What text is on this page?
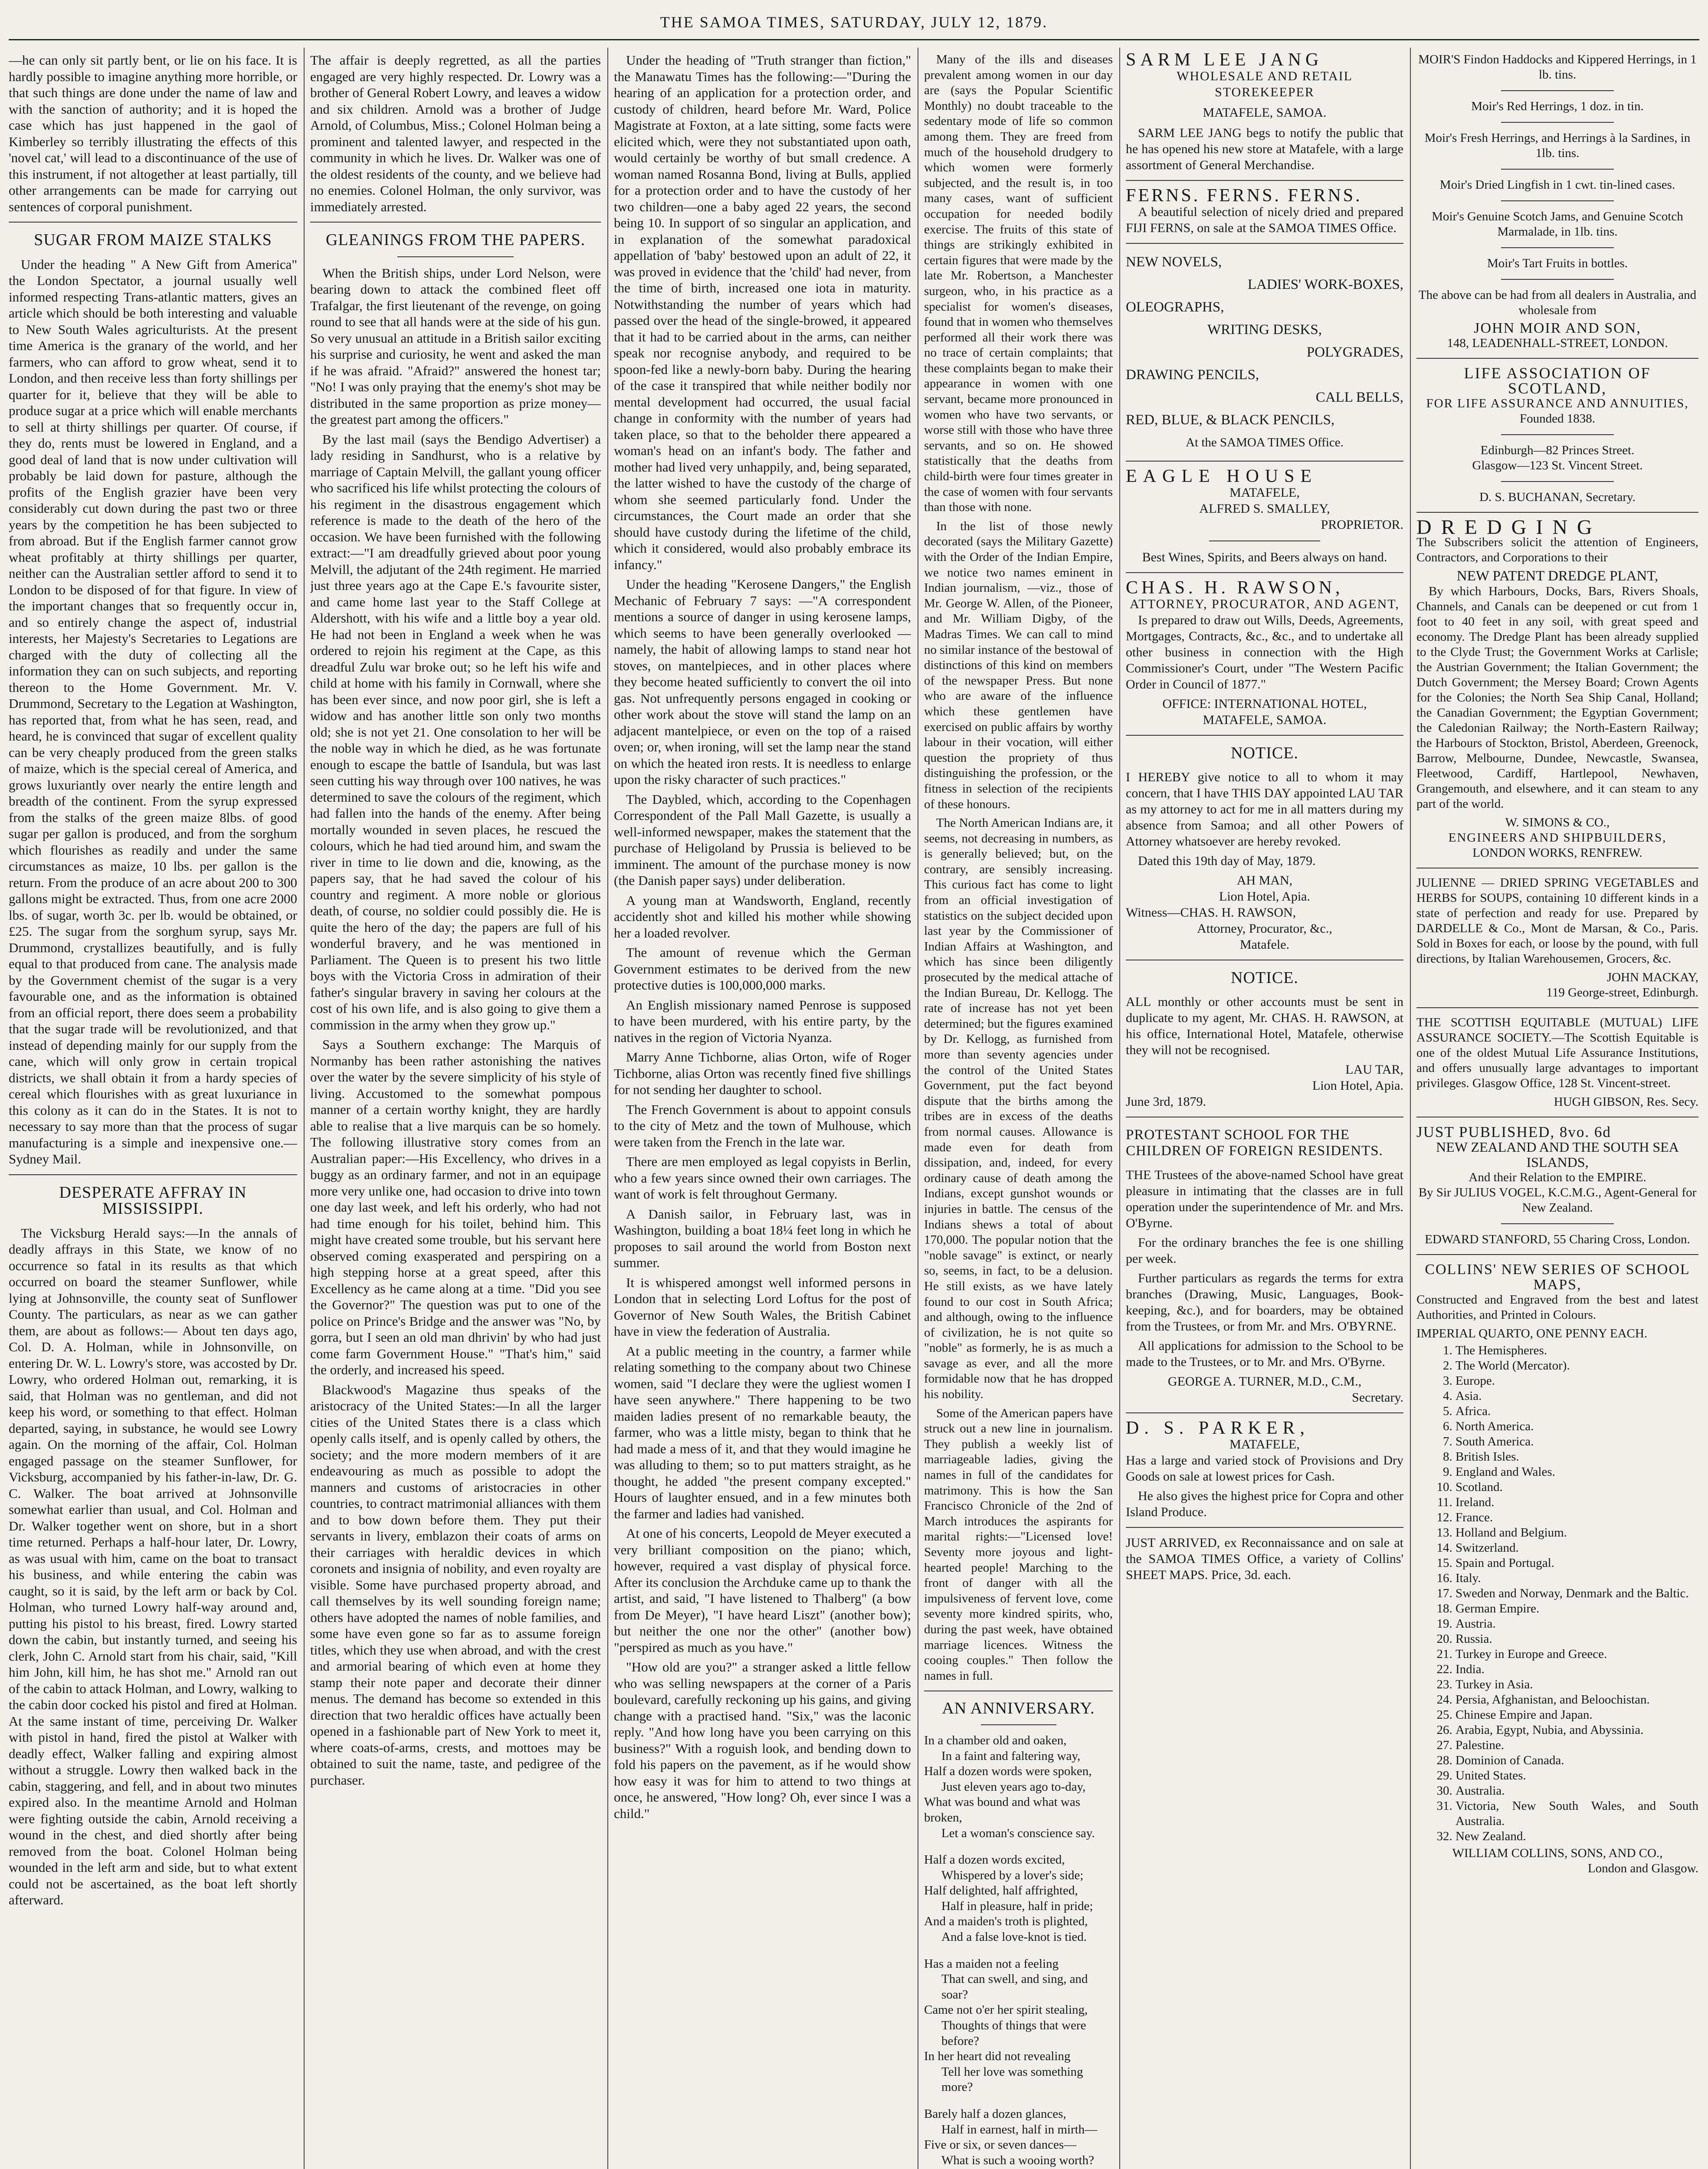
THE SAMOA TIMES, SATURDAY, JULY 12, 1879.

—he can only sit partly bent, or lie on his face. It is hardly possible to imagine anything more horrible, or that such things are done under the name of law and with the sanction of authority; and it is hoped the case which has just happened in the gaol of Kimberley so terribly illustrating the effects of this 'novel cat,' will lead to a discontinuance of the use of this instrument, if not altogether at least partially, till other arrangements can be made for carrying out sentences of corporal punishment.

SUGAR FROM MAIZE STALKS

Under the heading " A New Gift from America" the London Spectator, a journal usually well informed respecting Trans-atlantic matters, gives an article which should be both interesting and valuable to New South Wales agriculturists. At the present time America is the granary of the world, and her farmers, who can afford to grow wheat, send it to London, and then receive less than forty shillings per quarter for it, believe that they will be able to produce sugar at a price which will enable merchants to sell at thirty shillings per quarter. Of course, if they do, rents must be lowered in England, and a good deal of land that is now under cultivation will probably be laid down for pasture, although the profits of the English grazier have been very considerably cut down during the past two or three years by the competition he has been subjected to from abroad. But if the English farmer cannot grow wheat profitably at thirty shillings per quarter, neither can the Australian settler afford to send it to London to be disposed of for that figure. In view of the important changes that so frequently occur in, and so entirely change the aspect of, industrial interests, her Majesty's Secretaries to Legations are charged with the duty of collecting all the information they can on such subjects, and reporting thereon to the Home Government. Mr. V. Drummond, Secretary to the Legation at Washington, has reported that, from what he has seen, read, and heard, he is convinced that sugar of excellent quality can be very cheaply produced from the green stalks of maize, which is the special cereal of America, and grows luxuriantly over nearly the entire length and breadth of the continent. From the syrup expressed from the stalks of the green maize 8lbs. of good sugar per gallon is produced, and from the sorghum which flourishes as readily and under the same circumstances as maize, 10 lbs. per gallon is the return. From the produce of an acre about 200 to 300 gallons might be extracted. Thus, from one acre 2000 lbs. of sugar, worth 3c. per lb. would be obtained, or £25. The sugar from the sorghum syrup, says Mr. Drummond, crystallizes beautifully, and is fully equal to that produced from cane. The analysis made by the Government chemist of the sugar is a very favourable one, and as the information is obtained from an official report, there does seem a probability that the sugar trade will be revolutionized, and that instead of depending mainly for our supply from the cane, which will only grow in certain tropical districts, we shall obtain it from a hardy species of cereal which flourishes with as great luxuriance in this colony as it can do in the States. It is not to necessary to say more than that the process of sugar manufacturing is a simple and inexpensive one.—Sydney Mail.

DESPERATE AFFRAY IN MISSISSIPPI.

The Vicksburg Herald says:—In the annals of deadly affrays in this State, we know of no occurrence so fatal in its results as that which occurred on board the steamer Sunflower, while lying at Johnsonville, the county seat of Sunflower County. The particulars, as near as we can gather them, are about as follows:— About ten days ago, Col. D. A. Holman, while in Johnsonville, on entering Dr. W. L. Lowry's store, was accosted by Dr. Lowry, who ordered Holman out, remarking, it is said, that Holman was no gentleman, and did not keep his word, or something to that effect. Holman departed, saying, in substance, he would see Lowry again. On the morning of the affair, Col. Holman engaged passage on the steamer Sunflower, for Vicksburg, accompanied by his father-in-law, Dr. G. C. Walker. The boat arrived at Johnsonville somewhat earlier than usual, and Col. Holman and Dr. Walker together went on shore, but in a short time returned. Perhaps a half-hour later, Dr. Lowry, as was usual with him, came on the boat to transact his business, and while entering the cabin was caught, so it is said, by the left arm or back by Col. Holman, who turned Lowry half-way around and, putting his pistol to his breast, fired. Lowry started down the cabin, but instantly turned, and seeing his clerk, John C. Arnold start from his chair, said, "Kill him John, kill him, he has shot me." Arnold ran out of the cabin to attack Holman, and Lowry, walking to the cabin door cocked his pistol and fired at Holman. At the same instant of time, perceiving Dr. Walker with pistol in hand, fired the pistol at Walker with deadly effect, Walker falling and expiring almost without a struggle. Lowry then walked back in the cabin, staggering, and fell, and in about two minutes expired also. In the meantime Arnold and Holman were fighting outside the cabin, Arnold receiving a wound in the chest, and died shortly after being removed from the boat. Colonel Holman being wounded in the left arm and side, but to what extent could not be ascertained, as the boat left shortly afterward.

The affair is deeply regretted, as all the parties engaged are very highly respected. Dr. Lowry was a brother of General Robert Lowry, and leaves a widow and six children. Arnold was a brother of Judge Arnold, of Columbus, Miss.; Colonel Holman being a prominent and talented lawyer, and respected in the community in which he lives. Dr. Walker was one of the oldest residents of the county, and we believe had no enemies. Colonel Holman, the only survivor, was immediately arrested.

GLEANINGS FROM THE PAPERS.

When the British ships, under Lord Nelson, were bearing down to attack the combined fleet off Trafalgar, the first lieutenant of the revenge, on going round to see that all hands were at the side of his gun. So very unusual an attitude in a British sailor exciting his surprise and curiosity, he went and asked the man if he was afraid. "Afraid?" answered the honest tar; "No! I was only praying that the enemy's shot may be distributed in the same proportion as prize money—the greatest part among the officers."

By the last mail (says the Bendigo Advertiser) a lady residing in Sandhurst, who is a relative by marriage of Captain Melvill, the gallant young officer who sacrificed his life whilst protecting the colours of his regiment in the disastrous engagement which reference is made to the death of the hero of the occasion. We have been furnished with the following extract:—"I am dreadfully grieved about poor young Melvill, the adjutant of the 24th regiment. He married just three years ago at the Cape E.'s favourite sister, and came home last year to the Staff College at Aldershott, with his wife and a little boy a year old. He had not been in England a week when he was ordered to rejoin his regiment at the Cape, as this dreadful Zulu war broke out; so he left his wife and child at home with his family in Cornwall, where she has been ever since, and now poor girl, she is left a widow and has another little son only two months old; she is not yet 21. One consolation to her will be the noble way in which he died, as he was fortunate enough to escape the battle of Isandula, but was last seen cutting his way through over 100 natives, he was determined to save the colours of the regiment, which had fallen into the hands of the enemy. After being mortally wounded in seven places, he rescued the colours, which he had tied around him, and swam the river in time to lie down and die, knowing, as the papers say, that he had saved the colour of his country and regiment. A more noble or glorious death, of course, no soldier could possibly die. He is quite the hero of the day; the papers are full of his wonderful bravery, and he was mentioned in Parliament. The Queen is to present his two little boys with the Victoria Cross in admiration of their father's singular bravery in saving her colours at the cost of his own life, and is also going to give them a commission in the army when they grow up."

Says a Southern exchange: The Marquis of Normanby has been rather astonishing the natives over the water by the severe simplicity of his style of living. Accustomed to the somewhat pompous manner of a certain worthy knight, they are hardly able to realise that a live marquis can be so homely. The following illustrative story comes from an Australian paper:—His Excellency, who drives in a buggy as an ordinary farmer, and not in an equipage more very unlike one, had occasion to drive into town one day last week, and left his orderly, who had not had time enough for his toilet, behind him. This might have created some trouble, but his servant here observed coming exasperated and perspiring on a high stepping horse at a great speed, after this Excellency as he came along at a time. "Did you see the Governor?" The question was put to one of the police on Prince's Bridge and the answer was "No, by gorra, but I seen an old man dhrivin' by who had just come farm Government House." "That's him," said the orderly, and increased his speed.

Blackwood's Magazine thus speaks of the aristocracy of the United States:—In all the larger cities of the United States there is a class which openly calls itself, and is openly called by others, the society; and the more modern members of it are endeavouring as much as possible to adopt the manners and customs of aristocracies in other countries, to contract matrimonial alliances with them and to bow down before them. They put their servants in livery, emblazon their coats of arms on their carriages with heraldic devices in which coronets and insignia of nobility, and even royalty are visible. Some have purchased property abroad, and call themselves by its well sounding foreign name; others have adopted the names of noble families, and some have even gone so far as to assume foreign titles, which they use when abroad, and with the crest and armorial bearing of which even at home they stamp their note paper and decorate their dinner menus. The demand has become so extended in this direction that two heraldic offices have actually been opened in a fashionable part of New York to meet it, where coats-of-arms, crests, and mottoes may be obtained to suit the name, taste, and pedigree of the purchaser.

Under the heading of "Truth stranger than fiction," the Manawatu Times has the following:—"During the hearing of an application for a protection order, and custody of children, heard before Mr. Ward, Police Magistrate at Foxton, at a late sitting, some facts were elicited which, were they not substantiated upon oath, would certainly be worthy of but small credence. A woman named Rosanna Bond, living at Bulls, applied for a protection order and to have the custody of her two children—one a baby aged 22 years, the second being 10. In support of so singular an application, and in explanation of the somewhat paradoxical appellation of 'baby' bestowed upon an adult of 22, it was proved in evidence that the 'child' had never, from the time of birth, increased one iota in maturity. Notwithstanding the number of years which had passed over the head of the single-browed, it appeared that it had to be carried about in the arms, can neither speak nor recognise anybody, and required to be spoon-fed like a newly-born baby. During the hearing of the case it transpired that while neither bodily nor mental development had occurred, the usual facial change in conformity with the number of years had taken place, so that to the beholder there appeared a woman's head on an infant's body. The father and mother had lived very unhappily, and, being separated, the latter wished to have the custody of the charge of whom she seemed particularly fond. Under the circumstances, the Court made an order that she should have custody during the lifetime of the child, which it considered, would also probably embrace its infancy."

Under the heading "Kerosene Dangers," the English Mechanic of February 7 says: —"A correspondent mentions a source of danger in using kerosene lamps, which seems to have been generally overlooked —namely, the habit of allowing lamps to stand near hot stoves, on mantelpieces, and in other places where they become heated sufficiently to convert the oil into gas. Not unfrequently persons engaged in cooking or other work about the stove will stand the lamp on an adjacent mantelpiece, or even on the top of a raised oven; or, when ironing, will set the lamp near the stand on which the heated iron rests. It is needless to enlarge upon the risky character of such practices."

The Daybled, which, according to the Copenhagen Correspondent of the Pall Mall Gazette, is usually a well-informed newspaper, makes the statement that the purchase of Heligoland by Prussia is believed to be imminent. The amount of the purchase money is now (the Danish paper says) under deliberation.

A young man at Wandsworth, England, recently accidently shot and killed his mother while showing her a loaded revolver.

The amount of revenue which the German Government estimates to be derived from the new protective duties is 100,000,000 marks.

An English missionary named Penrose is supposed to have been murdered, with his entire party, by the natives in the region of Victoria Nyanza.

Marry Anne Tichborne, alias Orton, wife of Roger Tichborne, alias Orton was recently fined five shillings for not sending her daughter to school.

The French Government is about to appoint consuls to the city of Metz and the town of Mulhouse, which were taken from the French in the late war.

There are men employed as legal copyists in Berlin, who a few years since owned their own carriages. The want of work is felt throughout Germany.

A Danish sailor, in February last, was in Washington, building a boat 18¼ feet long in which he proposes to sail around the world from Boston next summer.

It is whispered amongst well informed persons in London that in selecting Lord Loftus for the post of Governor of New South Wales, the British Cabinet have in view the federation of Australia.

At a public meeting in the country, a farmer while relating something to the company about two Chinese women, said "I declare they were the ugliest women I have seen anywhere." There happening to be two maiden ladies present of no remarkable beauty, the farmer, who was a little misty, began to think that he had made a mess of it, and that they would imagine he was alluding to them; so to put matters straight, as he thought, he added "the present company excepted." Hours of laughter ensued, and in a few minutes both the farmer and ladies had vanished.

At one of his concerts, Leopold de Meyer executed a very brilliant composition on the piano; which, however, required a vast display of physical force. After its conclusion the Archduke came up to thank the artist, and said, "I have listened to Thalberg" (a bow from De Meyer), "I have heard Liszt" (another bow); but neither the one nor the other" (another bow) "perspired as much as you have."

"How old are you?" a stranger asked a little fellow who was selling newspapers at the corner of a Paris boulevard, carefully reckoning up his gains, and giving change with a practised hand. "Six," was the laconic reply. "And how long have you been carrying on this business?" With a roguish look, and bending down to fold his papers on the pavement, as if he would show how easy it was for him to attend to two things at once, he answered, "How long? Oh, ever since I was a child."

Many of the ills and diseases prevalent among women in our day are (says the Popular Scientific Monthly) no doubt traceable to the sedentary mode of life so common among them. They are freed from much of the household drudgery to which women were formerly subjected, and the result is, in too many cases, want of sufficient occupation for needed bodily exercise. The fruits of this state of things are strikingly exhibited in certain figures that were made by the late Mr. Robertson, a Manchester surgeon, who, in his practice as a specialist for women's diseases, found that in women who themselves performed all their work there was no trace of certain complaints; that these complaints began to make their appearance in women with one servant, became more pronounced in women who have two servants, or worse still with those who have three servants, and so on. He showed statistically that the deaths from child-birth were four times greater in the case of women with four servants than those with none.

In the list of those newly decorated (says the Military Gazette) with the Order of the Indian Empire, we notice two names eminent in Indian journalism, —viz., those of Mr. George W. Allen, of the Pioneer, and Mr. William Digby, of the Madras Times. We can call to mind no similar instance of the bestowal of distinctions of this kind on members of the newspaper Press. But none who are aware of the influence which these gentlemen have exercised on public affairs by worthy labour in their vocation, will either question the propriety of thus distinguishing the profession, or the fitness in selection of the recipients of these honours.

The North American Indians are, it seems, not decreasing in numbers, as is generally believed; but, on the contrary, are sensibly increasing. This curious fact has come to light from an official investigation of statistics on the subject decided upon last year by the Commissioner of Indian Affairs at Washington, and which has since been diligently prosecuted by the medical attache of the Indian Bureau, Dr. Kellogg. The rate of increase has not yet been determined; but the figures examined by Dr. Kellogg, as furnished from more than seventy agencies under the control of the United States Government, put the fact beyond dispute that the births among the tribes are in excess of the deaths from normal causes. Allowance is made even for death from dissipation, and, indeed, for every ordinary cause of death among the Indians, except gunshot wounds or injuries in battle. The census of the Indians shews a total of about 170,000. The popular notion that the "noble savage" is extinct, or nearly so, seems, in fact, to be a delusion. He still exists, as we have lately found to our cost in South Africa; and although, owing to the influence of civilization, he is not quite so "noble" as formerly, he is as much a savage as ever, and all the more formidable now that he has dropped his nobility.

Some of the American papers have struck out a new line in journalism. They publish a weekly list of marriageable ladies, giving the names in full of the candidates for matrimony. This is how the San Francisco Chronicle of the 2nd of March introduces the aspirants for marital rights:—"Licensed love! Seventy more joyous and light-hearted people! Marching to the front of danger with all the impulsiveness of fervent love, come seventy more kindred spirits, who, during the past week, have obtained marriage licences. Witness the cooing couples." Then follow the names in full.

AN ANNIVERSARY.
In a chamber old and oaken,
In a faint and faltering way,
Half a dozen words were spoken,
Just eleven years ago to-day,
What was bound and what was broken,
Let a woman's conscience say.
Half a dozen words excited,
Whispered by a lover's side;
Half delighted, half affrighted,
Half in pleasure, half in pride;
And a maiden's troth is plighted,
And a false love-knot is tied.
Has a maiden not a feeling
That can swell, and sing, and soar?
Came not o'er her spirit stealing,
Thoughts of things that were before?
In her heart did not revealing
Tell her love was something more?
Barely half a dozen glances,
Half in earnest, half in mirth—
Five or six, or seven dances—
What is such a wooing worth?
SARM LEE JANG
WHOLESALE AND RETAIL STOREKEEPER
MATAFELE, SAMOA.

SARM LEE JANG begs to notify the public that he has opened his new store at Matafele, with a large assortment of General Merchandise.

FERNS. FERNS. FERNS.

A beautiful selection of nicely dried and prepared FIJI FERNS, on sale at the SAMOA TIMES Office.

NEW NOVELS,
LADIES' WORK-BOXES,
OLEOGRAPHS,
WRITING DESKS,
POLYGRADES,
DRAWING PENCILS,
CALL BELLS,
RED, BLUE, & BLACK PENCILS,
At the SAMOA TIMES Office.
EAGLE HOUSE
MATAFELE,
ALFRED S. SMALLEY,
PROPRIETOR.
Best Wines, Spirits, and Beers always on hand.
CHAS. H. RAWSON,
ATTORNEY, PROCURATOR, AND AGENT,

Is prepared to draw out Wills, Deeds, Agreements, Mortgages, Contracts, &c., &c., and to undertake all other business in connection with the High Commissioner's Court, under "The Western Pacific Order in Council of 1877."

OFFICE: INTERNATIONAL HOTEL,
MATAFELE, SAMOA.
NOTICE.

I HEREBY give notice to all to whom it may concern, that I have THIS DAY appointed LAU TAR as my attorney to act for me in all matters during my absence from Samoa; and all other Powers of Attorney whatsoever are hereby revoked.

Dated this 19th day of May, 1879.

AH MAN,
Lion Hotel, Apia.
Witness—CHAS. H. RAWSON,
Attorney, Procurator, &c.,
Matafele.
NOTICE.

ALL monthly or other accounts must be sent in duplicate to my agent, Mr. CHAS. H. RAWSON, at his office, International Hotel, Matafele, otherwise they will not be recognised.

LAU TAR,
Lion Hotel, Apia.
June 3rd, 1879.
PROTESTANT SCHOOL FOR THE CHILDREN OF FOREIGN RESIDENTS.

THE Trustees of the above-named School have great pleasure in intimating that the classes are in full operation under the superintendence of Mr. and Mrs. O'Byrne.

For the ordinary branches the fee is one shilling per week.

Further particulars as regards the terms for extra branches (Drawing, Music, Languages, Book-keeping, &c.), and for boarders, may be obtained from the Trustees, or from Mr. and Mrs. O'BYRNE.

All applications for admission to the School to be made to the Trustees, or to Mr. and Mrs. O'Byrne.

GEORGE A. TURNER, M.D., C.M.,
Secretary.
D. S. PARKER,
MATAFELE,

Has a large and varied stock of Provisions and Dry Goods on sale at lowest prices for Cash.

He also gives the highest price for Copra and other Island Produce.

JUST ARRIVED, ex Reconnaissance and on sale at the SAMOA TIMES Office, a variety of Collins' SHEET MAPS. Price, 3d. each.

MOIR'S Findon Haddocks and Kippered Herrings, in 1 lb. tins.
Moir's Red Herrings, 1 doz. in tin.
Moir's Fresh Herrings, and Herrings à la Sardines, in 1lb. tins.
Moir's Dried Lingfish in 1 cwt. tin-lined cases.
Moir's Genuine Scotch Jams, and Genuine Scotch Marmalade, in 1lb. tins.
Moir's Tart Fruits in bottles.
The above can be had from all dealers in Australia, and wholesale from
JOHN MOIR AND SON,
148, LEADENHALL-STREET, LONDON.
LIFE ASSOCIATION OF SCOTLAND,
FOR LIFE ASSURANCE AND ANNUITIES,
Founded 1838.
Edinburgh—82 Princes Street.
Glasgow—123 St. Vincent Street.
D. S. BUCHANAN, Secretary.
DREDGING

The Subscribers solicit the attention of Engineers, Contractors, and Corporations to their

NEW PATENT DREDGE PLANT,

By which Harbours, Docks, Bars, Rivers Shoals, Channels, and Canals can be deepened or cut from 1 foot to 40 feet in any soil, with great speed and economy. The Dredge Plant has been already supplied to the Clyde Trust; the Government Works at Carlisle; the Austrian Government; the Italian Government; the Dutch Government; the Mersey Board; Crown Agents for the Colonies; the North Sea Ship Canal, Holland; the Canadian Government; the Egyptian Government; the Caledonian Railway; the North-Eastern Railway; the Harbours of Stockton, Bristol, Aberdeen, Greenock, Barrow, Melbourne, Dundee, Newcastle, Swansea, Fleetwood, Cardiff, Hartlepool, Newhaven, Grangemouth, and elsewhere, and it can steam to any part of the world.

W. SIMONS & CO.,
ENGINEERS AND SHIPBUILDERS,
LONDON WORKS, RENFREW.

JULIENNE — DRIED SPRING VEGETABLES and HERBS for SOUPS, containing 10 different kinds in a state of perfection and ready for use. Prepared by DARDELLE & Co., Mont de Marsan, & Co., Paris. Sold in Boxes for each, or loose by the pound, with full directions, by Italian Warehousemen, Grocers, &c.

JOHN MACKAY,
119 George-street, Edinburgh.

THE SCOTTISH EQUITABLE (MUTUAL) LIFE ASSURANCE SOCIETY.—The Scottish Equitable is one of the oldest Mutual Life Assurance Institutions, and offers unusually large advantages to important privileges. Glasgow Office, 128 St. Vincent-street.

HUGH GIBSON, Res. Secy.
JUST PUBLISHED, 8vo. 6d
NEW ZEALAND AND THE SOUTH SEA ISLANDS,
And their Relation to the EMPIRE.
By Sir JULIUS VOGEL, K.C.M.G., Agent-General for New Zealand.
EDWARD STANFORD, 55 Charing Cross, London.
COLLINS' NEW SERIES OF SCHOOL MAPS,

Constructed and Engraved from the best and latest Authorities, and Printed in Colours.

IMPERIAL QUARTO, ONE PENNY EACH.
1. The Hemispheres.
2. The World (Mercator).
3. Europe.
4. Asia.
5. Africa.
6. North America.
7. South America.
8. British Isles.
9. England and Wales.
10. Scotland.
11. Ireland.
12. France.
13. Holland and Belgium.
14. Switzerland.
15. Spain and Portugal.
16. Italy.
17. Sweden and Norway, Denmark and the Baltic.
18. German Empire.
19. Austria.
20. Russia.
21. Turkey in Europe and Greece.
22. India.
23. Turkey in Asia.
24. Persia, Afghanistan, and Beloochistan.
25. Chinese Empire and Japan.
26. Arabia, Egypt, Nubia, and Abyssinia.
27. Palestine.
28. Dominion of Canada.
29. United States.
30. Australia.
31. Victoria, New South Wales, and South Australia.
32. New Zealand.
WILLIAM COLLINS, SONS, AND CO.,
London and Glasgow.
